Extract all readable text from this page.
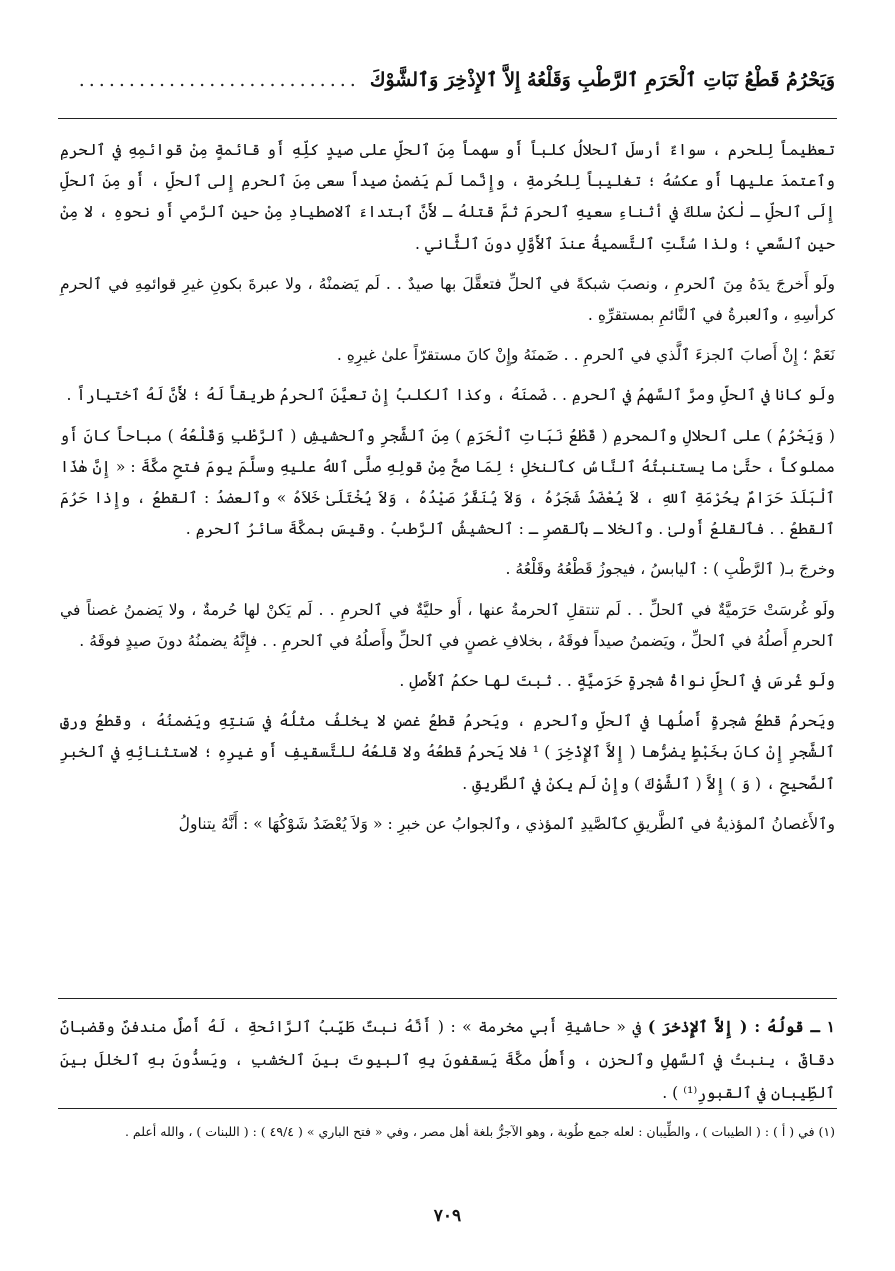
وَيَحْرُمُ قَطْعُ نَبَاتِ ٱلْحَرَمِ ٱلرَّطْبِ وَقَلْعُهُ إِلاَّ ٱلإِذْخِرَ وَٱلشَّوْكَ
............................

تعظيماً لِلحرم ، سواءٌ أرسلَ ٱلحلالُ كلباً أَو سهماً مِنَ ٱلحلِّ على صيدٍ كلِّهِ أَو قائمةٍ مِنْ قوائمِهِ في ٱلحرمِ وٱعتمدَ عليها أَو عكسُهُ ؛ تغليباً لِلحُرمةِ ، وإِنَّما لَم يَضمنْ صيداً سعى مِنَ ٱلحرمِ إِلى ٱلحلِّ ، أَو مِنَ ٱلحلِّ إِلَى ٱلحلِّ ـ لٰكنْ سلكَ في أثناءِ سعيهِ ٱلحرمَ ثمَّ قتلهُ ـ لأَنَّ ٱبتداءَ ٱلاصطيادِ مِنْ حينِ ٱلرَّمي أَو نحوهِ ، لا مِنْ حينِ ٱلسَّعي ؛ ولذا سُنَّتِ ٱلتَّسميةُ عندَ ٱلأَوَّلِ دونَ ٱلثَّاني .

ولَو أَخرجَ يدَهُ مِنَ ٱلحرمِ ، ونصبَ شبكةً في ٱلحلِّ فتعقَّلَ بها صيدٌ . . لَم يَضمنْهُ ، ولا عبرةَ بكونِ غيرِ قوائمِهِ في ٱلحرمِ كرأسِهِ ، وٱلعبرةُ في ٱلنَّائمِ بمستقرِّهِ .

نَعَمْ ؛ إِنْ أَصابَ ٱلجزءَ ٱلَّذي في ٱلحرمِ . . ضَمنَهُ وإِنْ كانَ مستقرّاً علىٰ غيرِهِ .

ولَو كانا في ٱلحلِّ ومرَّ ٱلسَّهمُ في ٱلحرمِ . . ضَمنَهُ ، وكذا ٱلكلبُ إِنْ تعيَّنَ ٱلحرمُ طريقاً لَهُ ؛ لأَنَّ لَهُ ٱختياراً .

( وَيَحْرُمُ ) على ٱلحلالِ وٱلمحرمِ ( قَطْعُ نَبَاتِ ٱلْحَرَمِ ) مِنَ ٱلشَّجرِ وٱلحشيشِ ( ٱلرَّطْبِ وَقَلْعُهُ ) مباحاً كانَ أَو مملوكاً ، حتَّىٰ ما يستنبتُهُ ٱلنَّاسُ كٱلنخلِ ؛ لِمَا صحَّ مِنْ قولِهِ صلَّى ٱللهُ عليهِ وسلَّمَ يومَ فتحِ مكَّةَ : « إِنَّ هٰذَا ٱلْبَلَدَ حَرَامٌ بِحُرْمَةِ ٱللهِ ، لاَ يُعْضَدُ شَجَرُهُ ، وَلاَ يُنَفَّرُ صَيْدُهُ ، وَلاَ يُخْتَلَىٰ خَلاَهُ » وٱلعضدُ : ٱلقطعُ ، وإِذا حَرُمَ ٱلقطعُ . . فٱلقلعُ أَولىٰ . وٱلخلا ـ بٱلقصرِ ـ : ٱلحشيشُ ٱلرَّطبُ . وقيسَ بمكَّةَ سائرُ ٱلحرمِ .

وخرجَ بـ( ٱلرَّطْبِ ) : ٱليابسُ ، فيجوزُ قَطْعُهُ وقَلْعُهُ .

ولَو غُرسَتْ حَرَميَّةٌ في ٱلحلِّ . . لَم تنتقلِ ٱلحرمةُ عنها ، أَو حليَّةٌ في ٱلحرمِ . . لَم يَكنْ لها حُرمةٌ ، ولا يَضمنُ غصناً في ٱلحرمِ أَصلُهُ في ٱلحلِّ ، ويَضمنُ صيداً فوقَهُ ، بخلافِ غصنٍ في ٱلحلِّ وأَصلُهُ في ٱلحرمِ . . فإِنَّهُ يضمنُهُ دونَ صيدٍ فوقَهُ .

ولَو غُرسَ في ٱلحلِّ نواةُ شجرةٍ حَرَميَّةٍ . . ثبتَ لها حكمُ ٱلأَصلِ .

ويَحرمُ قطعُ شجرةٍ أَصلُها في ٱلحلِّ وٱلحرمِ ، ويَحرمُ قطعُ غصنٍ لا يخلفُ مثلُهُ في سَنتِهِ ويَضمنُهُ ، وقطعُ ورقِ ٱلشَّجرِ إِنْ كانَ بخَبْطٍ يضرُّها ( إِلاَّ ٱلإِذْخِرَ ) ¹ فلا يَحرمُ قطعُهُ ولا قلعُهُ للتَّسقيفِ أَو غيرِهِ ؛ لاستثنائِهِ في ٱلخبرِ ٱلصَّحيحِ ، ( وَ ) إِلاَّ ( ٱلشَّوْكَ ) وإِنْ لَم يكنْ في ٱلطَّريقِ .

وٱلأَغصانُ ٱلمؤذيةُ في ٱلطَّريقِ كٱلصَّيدِ ٱلمؤذي ، وٱلجوابُ عن خبرِ : « وَلاَ يُعْضَدُ شَوْكُهَا » : أَنَّهُ يتناولُ

١ ـ قولُهُ : ( إِلاَّ ٱلإِذخرَ ) في « حاشيةِ أَبي مخرمة » : ( أَنَّهُ نبتٌ طَيِّبُ ٱلرَّائحةِ ، لَهُ أَصلٌ مندفنٌ وقضبانٌ دقاقٌ ، ينبتُ في ٱلسَّهلِ وٱلحزنِ ، وأَهلُ مكَّةَ يَسقفونَ بِهِ ٱلبيوتَ بينَ ٱلخشبِ ، ويَسدُّونَ بهِ ٱلخللَ بينَ ٱلطِّيبانِ في ٱلقبورِ⁽¹⁾ ) .

(١) في ( أ ) : ( الطيبات ) ، والطِّيبان : لعله جمع طُوبة ، وهو الآجرُّ بلغة أهل مصر ، وفي « فتح الباري » ( ٤٩/٤ ) : ( اللبنات ) ، والله أعلم .

٧٠٩
